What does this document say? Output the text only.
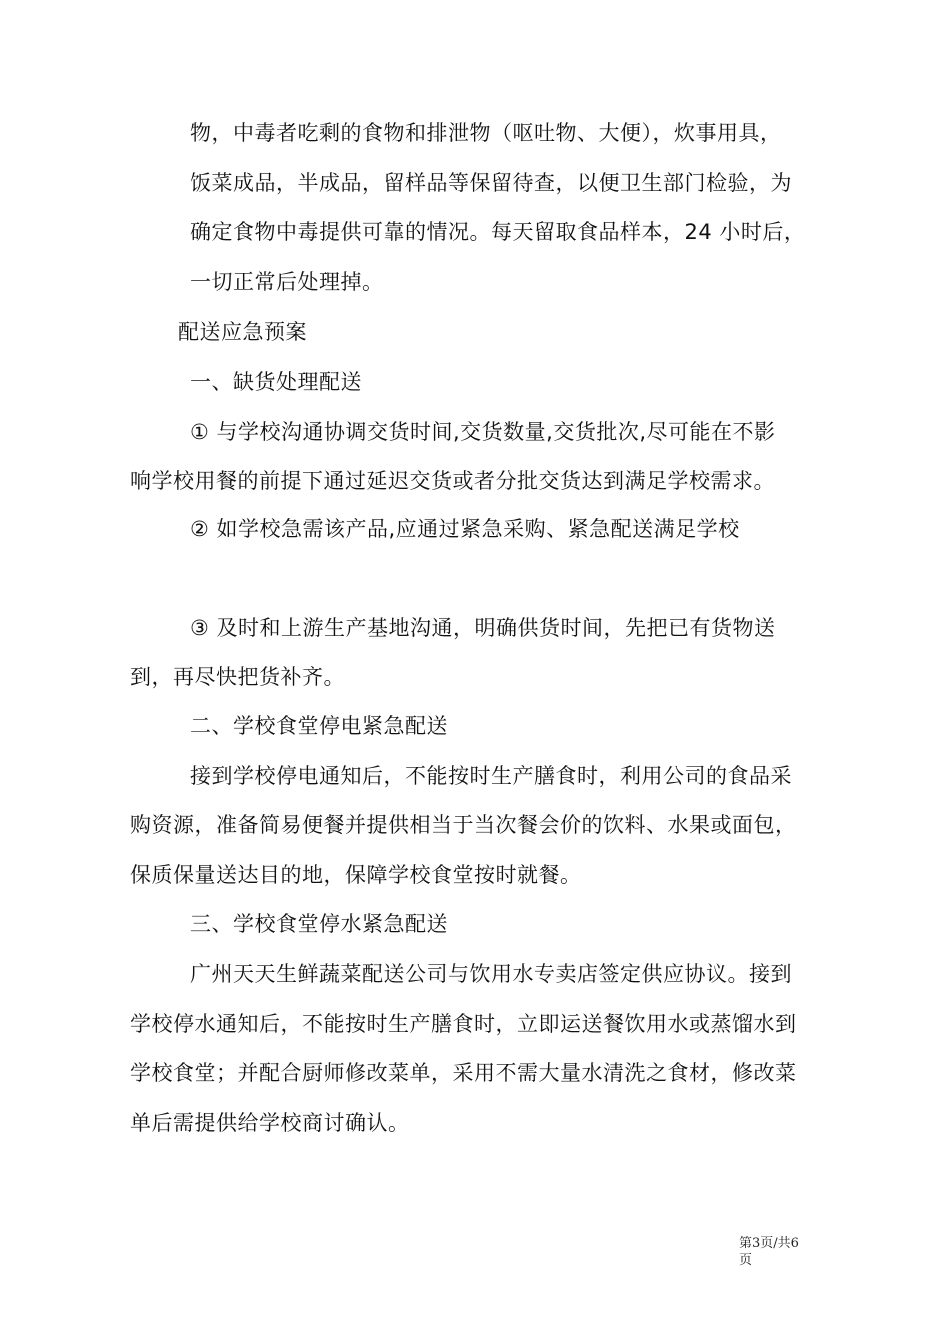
物，中毒者吃剩的食物和排泄物（呕吐物、大便），炊事用具，
饭菜成品，半成品，留样品等保留待查，以便卫生部门检验，为
确定食物中毒提供可靠的情况。每天留取食品样本，24 小时后，
一切正常后处理掉。
配送应急预案
一、缺货处理配送
① 与学校沟通协调交货时间,交货数量,交货批次,尽可能在不影
响学校用餐的前提下通过延迟交货或者分批交货达到满足学校需求。
② 如学校急需该产品,应通过紧急采购、紧急配送满足学校
③ 及时和上游生产基地沟通，明确供货时间，先把已有货物送
到，再尽快把货补齐。
二、学校食堂停电紧急配送
接到学校停电通知后，不能按时生产膳食时，利用公司的食品采
购资源，准备简易便餐并提供相当于当次餐会价的饮料、水果或面包，
保质保量送达目的地，保障学校食堂按时就餐。
三、学校食堂停水紧急配送
广州天天生鲜蔬菜配送公司与饮用水专卖店签定供应协议。接到
学校停水通知后，不能按时生产膳食时，立即运送餐饮用水或蒸馏水到
学校食堂；并配合厨师修改菜单，采用不需大量水清洗之食材，修改菜
单后需提供给学校商讨确认。
第3页/共6
页
